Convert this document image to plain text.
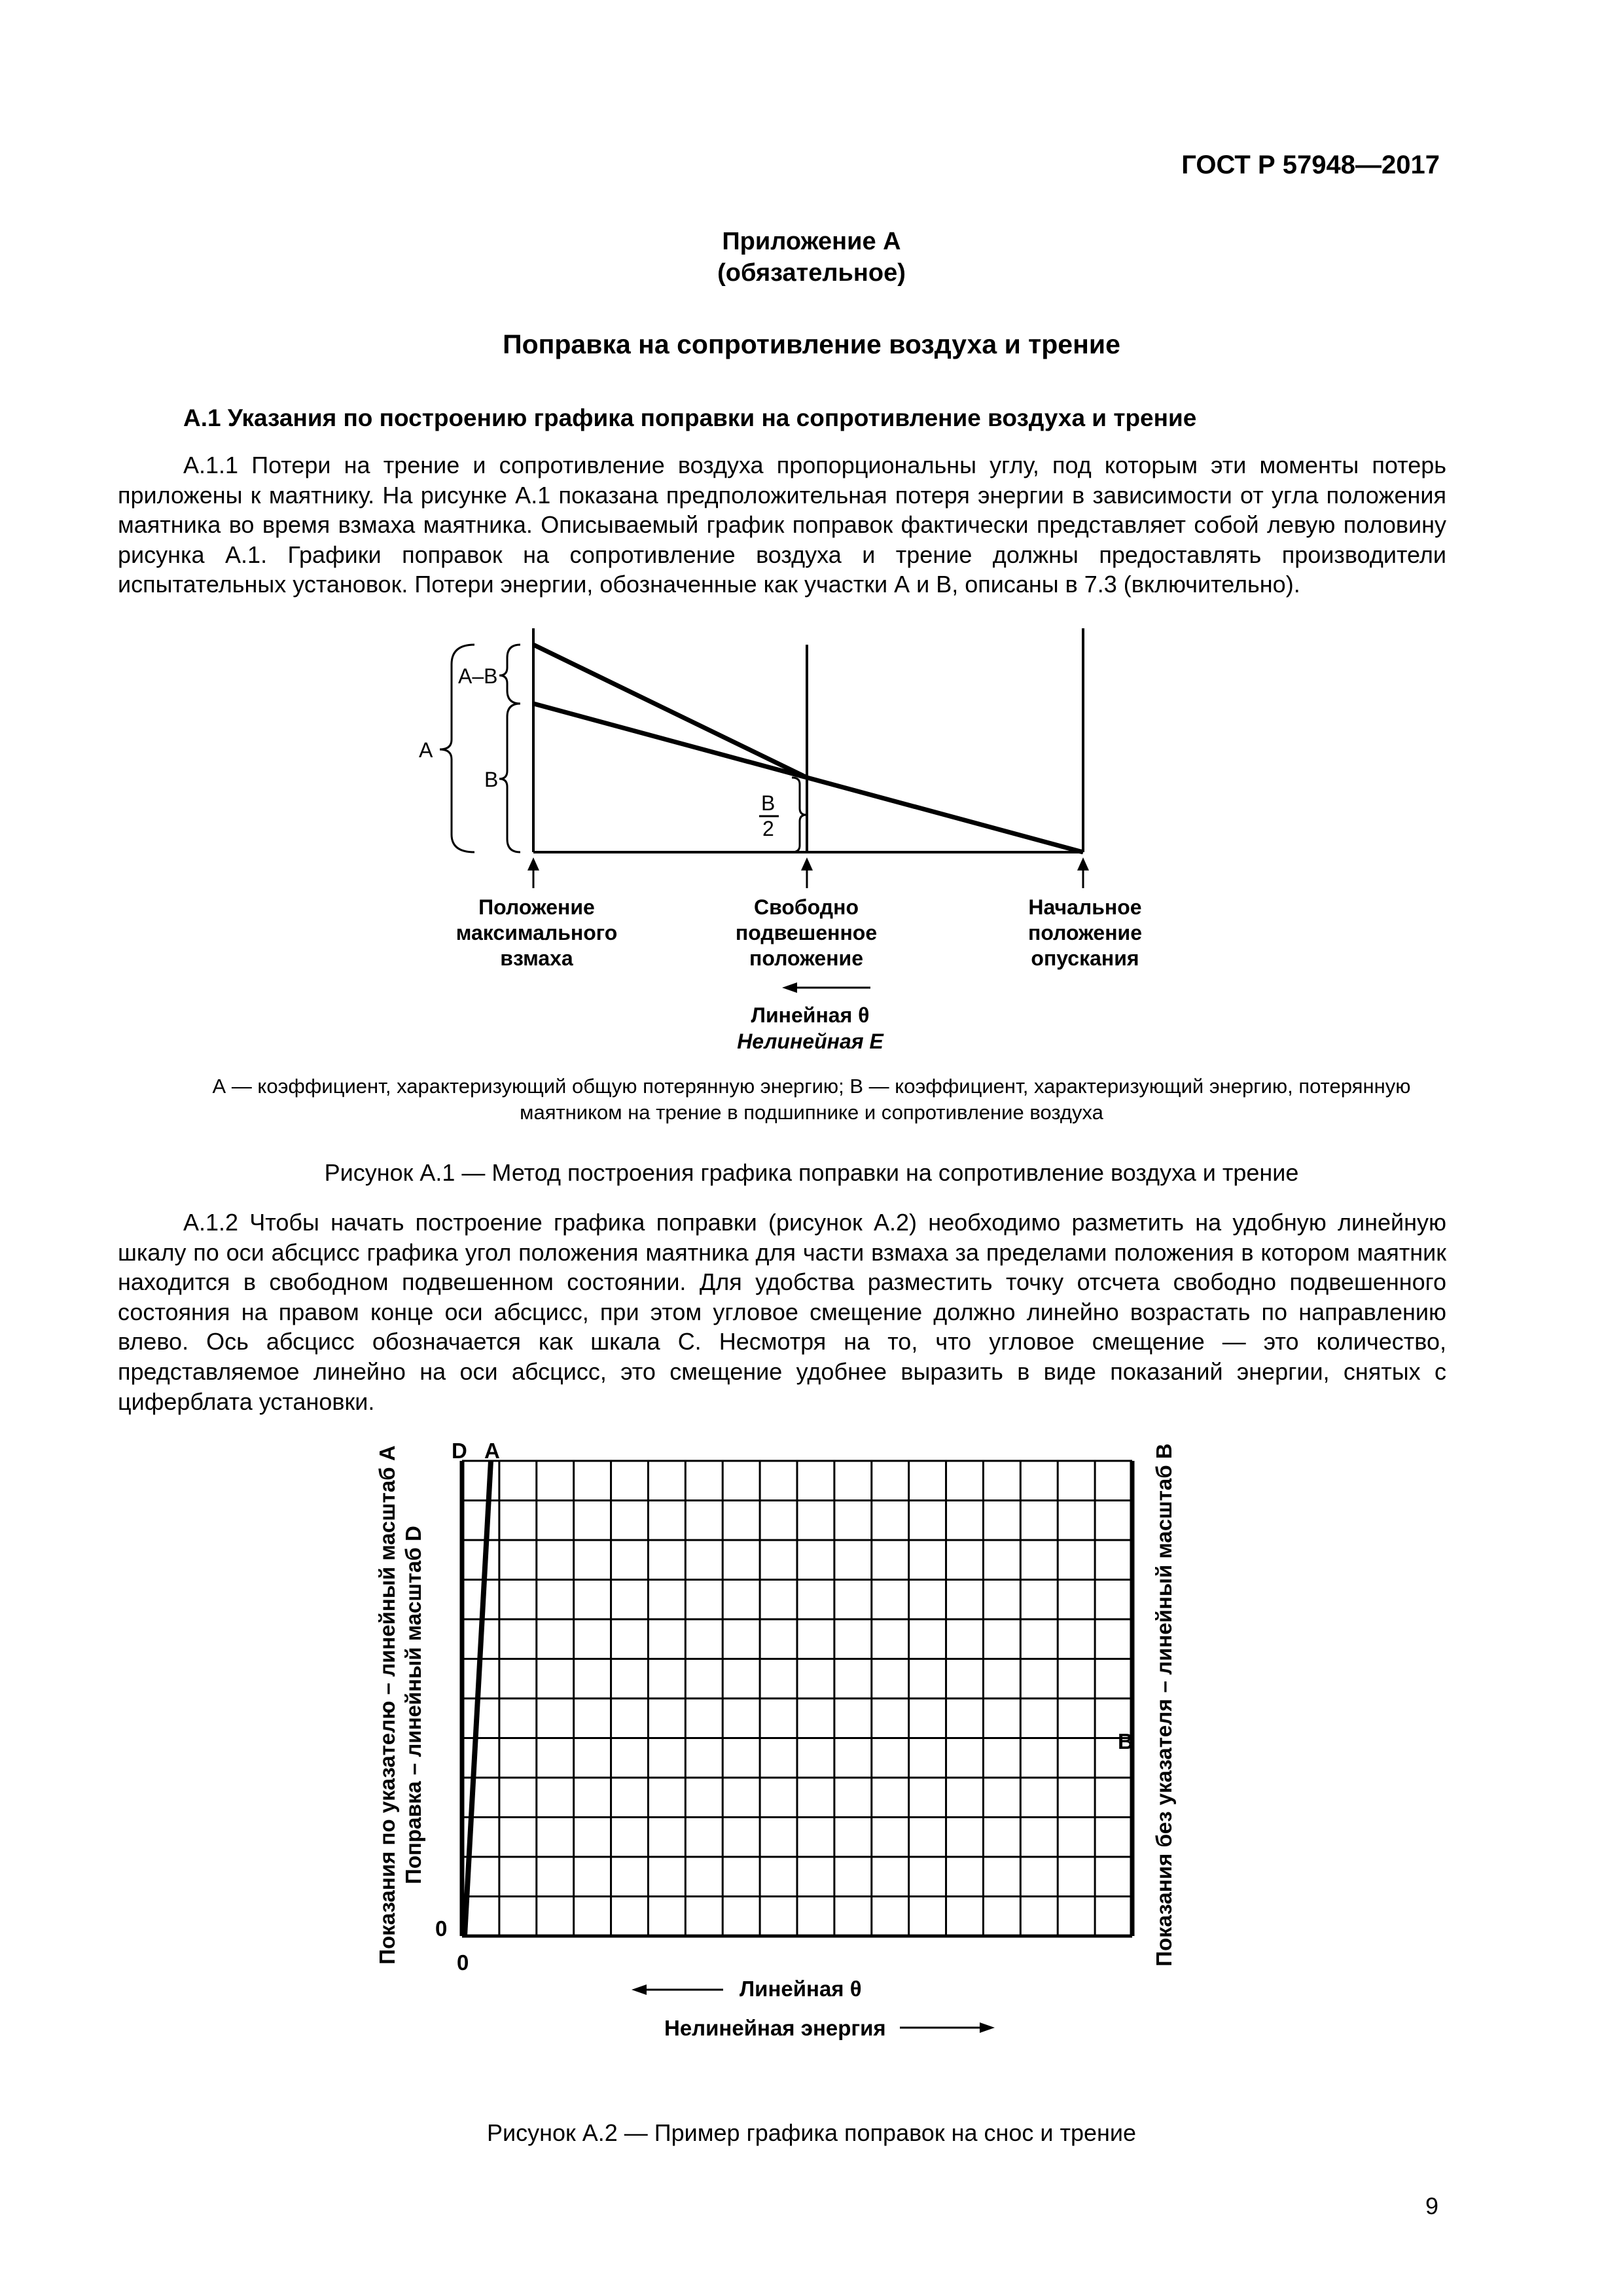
ГОСТ Р 57948—2017
Приложение А
(обязательное)
Поправка на сопротивление воздуха и трение
А.1 Указания по построению графика поправки на сопротивление воздуха и трение

А.1.1 Потери на трение и сопротивление воздуха пропорциональны углу, под которым эти моменты потерь приложены к маятнику. На рисунке А.1 показана предположительная потеря энергии в зависимости от угла положения маятника во время взмаха маятника. Описываемый график поправок фактически представляет собой левую половину рисунка А.1. Графики поправок на сопротивление воздуха и трение должны предоставлять производители испытательных установок. Потери энергии, обозначенные как участки А и В, описаны в 7.3 (включительно).

А–В
А
В
В
2
Положение
максимального
взмаха
Свободно
подвешенное
положение
Начальное
положение
опускания
Линейная θ
Нелинейная Е
А — коэффициент, характеризующий общую потерянную энергию; В — коэффициент, характеризующий энергию, потерянную
маятником на трение в подшипнике и сопротивление воздуха
Рисунок А.1 — Метод построения графика поправки на сопротивление воздуха и трение

А.1.2 Чтобы начать построение графика поправки (рисунок А.2) необходимо разметить на удобную линейную шкалу по оси абсцисс графика угол положения маятника для части взмаха за пределами положения в котором маятник находится в свободном подвешенном состоянии. Для удобства разместить точку отсчета свободно подвешенного состояния на правом конце оси абсцисс, при этом угловое смещение должно линейно возрастать по направлению влево. Ось абсцисс обозначается как шкала С. Несмотря на то, что угловое смещение — это количество, представляемое линейно на оси абсцисс, это смещение удобнее выразить в виде показаний энергии, снятых с циферблата установки.

D A
B
0
0
Линейная θ
Нелинейная энергия
Показания по указателю – линейный масштаб А Поправка – линейный масштаб D	Показания без указателя – линейный масштаб В
Рисунок А.2 — Пример графика поправок на снос и трение
9
